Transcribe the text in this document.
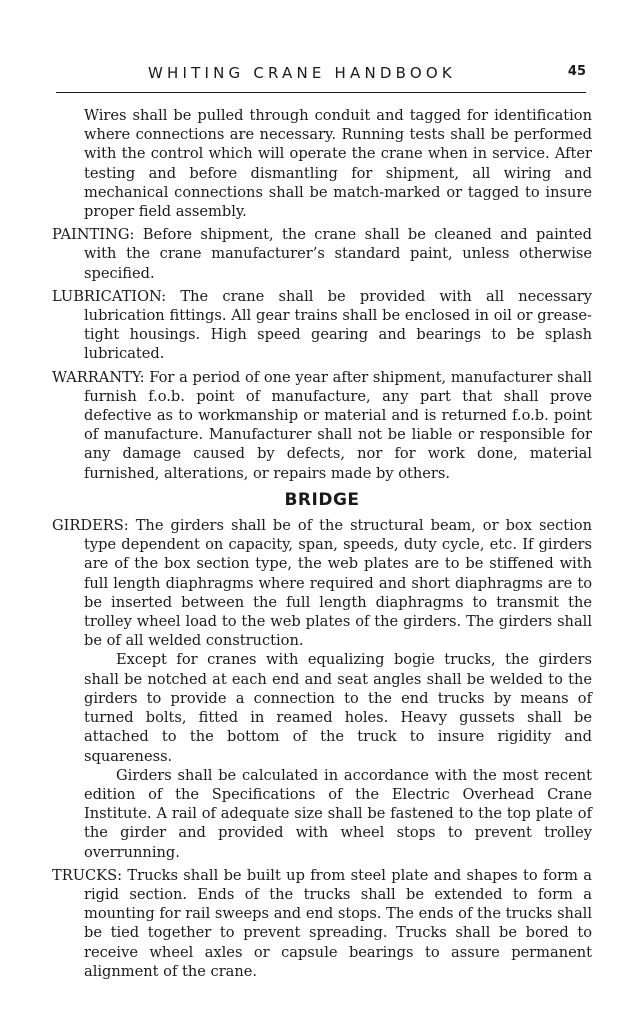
WHITING CRANE HANDBOOK	45

Wires shall be pulled through conduit and tagged for identification where connections are necessary. Running tests shall be performed with the control which will operate the crane when in service. After testing and before dismantling for shipment, all wiring and mechanical connections shall be match-marked or tagged to insure proper field assembly.

PAINTING: Before shipment, the crane shall be cleaned and painted with the crane manufacturer’s standard paint, unless otherwise specified.

LUBRICATION: The crane shall be provided with all necessary lubrication fittings. All gear trains shall be enclosed in oil or grease-tight housings. High speed gearing and bearings to be splash lubricated.

WARRANTY: For a period of one year after shipment, manufacturer shall furnish f.o.b. point of manufacture, any part that shall prove defective as to workmanship or material and is returned f.o.b. point of manufacture. Manufacturer shall not be liable or responsible for any damage caused by defects, nor for work done, material furnished, alterations, or repairs made by others.

BRIDGE

GIRDERS: The girders shall be of the structural beam, or box section type dependent on capacity, span, speeds, duty cycle, etc. If girders are of the box section type, the web plates are to be stiffened with full length diaphragms where required and short diaphragms are to be inserted between the full length diaphragms to transmit the trolley wheel load to the web plates of the girders. The girders shall be of all welded construction.

Except for cranes with equalizing bogie trucks, the girders shall be notched at each end and seat angles shall be welded to the girders to provide a connection to the end trucks by means of turned bolts, fitted in reamed holes. Heavy gussets shall be attached to the bottom of the truck to insure rigidity and squareness.

Girders shall be calculated in accordance with the most recent edition of the Specifications of the Electric Overhead Crane Institute. A rail of adequate size shall be fastened to the top plate of the girder and provided with wheel stops to prevent trolley overrunning.

TRUCKS: Trucks shall be built up from steel plate and shapes to form a rigid section. Ends of the trucks shall be extended to form a mounting for rail sweeps and end stops. The ends of the trucks shall be tied together to prevent spreading. Trucks shall be bored to receive wheel axles or capsule bearings to assure permanent alignment of the crane.
